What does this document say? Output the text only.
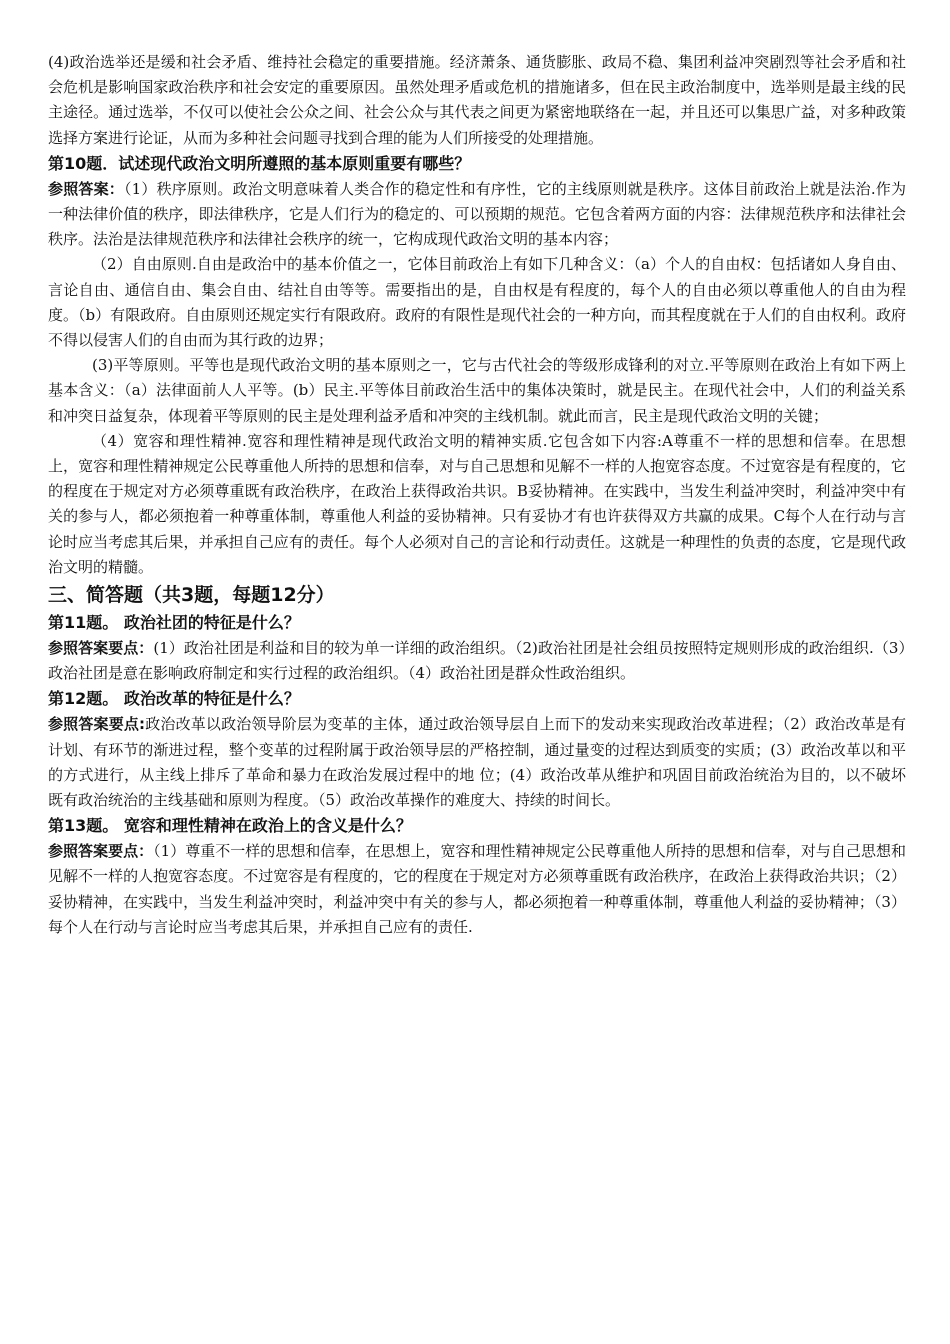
(4)政治选举还是缓和社会矛盾、维持社会稳定的重要措施。经济萧条、通货膨胀、政局不稳、集团利益冲突剧烈等社会矛盾和社会危机是影响国家政治秩序和社会安定的重要原因。虽然处理矛盾或危机的措施诸多，但在民主政治制度中，选举则是最主线的民主途径。通过选举，不仅可以使社会公众之间、社会公众与其代表之间更为紧密地联络在一起，并且还可以集思广益，对多种政策选择方案进行论证，从而为多种社会问题寻找到合理的能为人们所接受的处理措施。

第10题．试述现代政治文明所遵照的基本原则重要有哪些？

参照答案：（1）秩序原则。政治文明意味着人类合作的稳定性和有序性，它的主线原则就是秩序。这体目前政治上就是法治.作为一种法律价值的秩序，即法律秩序，它是人们行为的稳定的、可以预期的规范。它包含着两方面的内容：法律规范秩序和法律社会秩序。法治是法律规范秩序和法律社会秩序的统一，它构成现代政治文明的基本内容；

（2）自由原则.自由是政治中的基本价值之一，它体目前政治上有如下几种含义：（a）个人的自由权：包括诸如人身自由、言论自由、通信自由、集会自由、结社自由等等。需要指出的是，自由权是有程度的，每个人的自由必须以尊重他人的自由为程度。（b）有限政府。自由原则还规定实行有限政府。政府的有限性是现代社会的一种方向，而其程度就在于人们的自由权利。政府不得以侵害人们的自由而为其行政的边界；

(3)平等原则。平等也是现代政治文明的基本原则之一，它与古代社会的等级形成锋利的对立.平等原则在政治上有如下两上基本含义：（a）法律面前人人平等。(b）民主.平等体目前政治生活中的集体决策时，就是民主。在现代社会中，人们的利益关系和冲突日益复杂，体现着平等原则的民主是处理利益矛盾和冲突的主线机制。就此而言，民主是现代政治文明的关键；

（4）宽容和理性精神.宽容和理性精神是现代政治文明的精神实质.它包含如下内容:A尊重不一样的思想和信奉。在思想上，宽容和理性精神规定公民尊重他人所持的思想和信奉，对与自己思想和见解不一样的人抱宽容态度。不过宽容是有程度的，它的程度在于规定对方必须尊重既有政治秩序，在政治上获得政治共识。B妥协精神。在实践中，当发生利益冲突时，利益冲突中有关的参与人，都必须抱着一种尊重体制，尊重他人利益的妥协精神。只有妥协才有也许获得双方共赢的成果。C每个人在行动与言论时应当考虑其后果，并承担自己应有的责任。每个人必须对自己的言论和行动责任。这就是一种理性的负责的态度，它是现代政治文明的精髓。

三、简答题（共3题，每题12分）

第11题。 政治社团的特征是什么？

参照答案要点：(1）政治社团是利益和目的较为单一详细的政治组织。（2)政治社团是社会组员按照特定规则形成的政治组织.（3）政治社团是意在影响政府制定和实行过程的政治组织。（4）政治社团是群众性政治组织。

第12题。 政治改革的特征是什么？

参照答案要点:政治改革以政治领导阶层为变革的主体，通过政治领导层自上而下的发动来实现政治改革进程；（2）政治改革是有计划、有环节的渐进过程，整个变革的过程附属于政治领导层的严格控制，通过量变的过程达到质变的实质；(3）政治改革以和平的方式进行，从主线上排斥了革命和暴力在政治发展过程中的地 位；(4）政治改革从维护和巩固目前政治统治为目的，以不破坏既有政治统治的主线基础和原则为程度。（5）政治改革操作的难度大、持续的时间长。

第13题。 宽容和理性精神在政治上的含义是什么？

参照答案要点：（1）尊重不一样的思想和信奉，在思想上，宽容和理性精神规定公民尊重他人所持的思想和信奉，对与自己思想和见解不一样的人抱宽容态度。不过宽容是有程度的，它的程度在于规定对方必须尊重既有政治秩序，在政治上获得政治共识；（2）妥协精神，在实践中，当发生利益冲突时，利益冲突中有关的参与人，都必须抱着一种尊重体制，尊重他人利益的妥协精神；（3）每个人在行动与言论时应当考虑其后果，并承担自己应有的责任.
